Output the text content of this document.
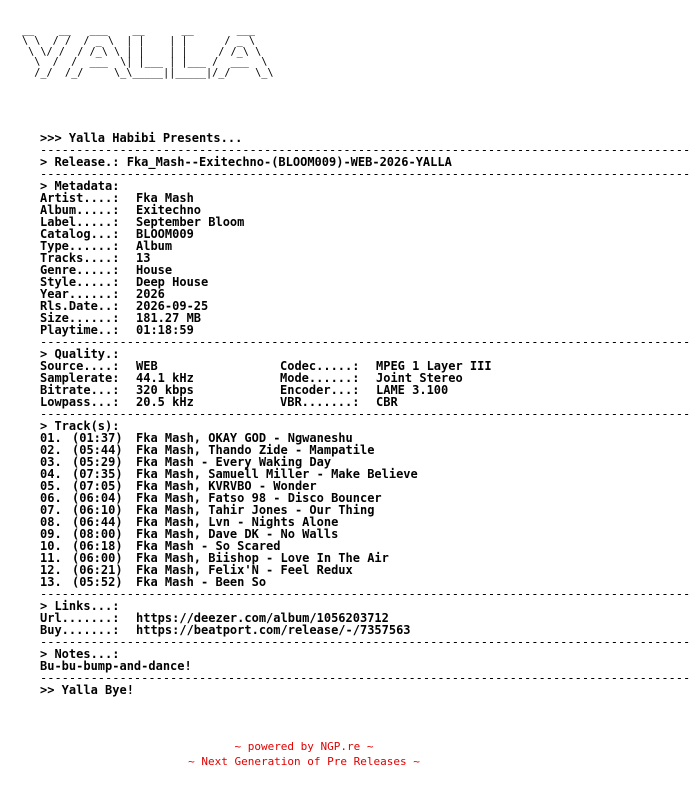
__    __   ___    __      __       ___
\ \  / /  / _ \  | |    | |      / _ \
\ \/ /  / /_\ \ | |    | |     / /_\ \
\  /  /  ___  \| |___ | |___ /  ___  \
/_/  /_/     \_\_____||_____|/_/    \_\
>>> Yalla Habibi Presents...
------------------------------------------------------------------------------------------
> Release.: Fka_Mash--Exitechno-(BLOOM009)-WEB-2026-YALLA
------------------------------------------------------------------------------------------
> Metadata:
Artist....:	Fka Mash
Album.....:	Exitechno
Label.....:	September Bloom
Catalog...:	BLOOM009
Type......:	Album
Tracks....:	13
Genre.....:	House
Style.....:	Deep House
Year......:	2026
Rls.Date..:	2026-09-25
Size......:	181.27 MB
Playtime..:	01:18:59
------------------------------------------------------------------------------------------
> Quality.:
Source....:	WEB	Codec.....:	MPEG 1 Layer III
Samplerate:	44.1 kHz	Mode......:	Joint Stereo
Bitrate...:	320 kbps	Encoder...:	LAME 3.100
Lowpass...:	20.5 kHz	VBR.......:	CBR
------------------------------------------------------------------------------------------
> Track(s):
01. (01:37)	Fka Mash, OKAY GOD - Ngwaneshu
02. (05:44)	Fka Mash, Thando Zide - Mampatile
03. (05:29)	Fka Mash - Every Waking Day
04. (07:35)	Fka Mash, Samuell Miller - Make Believe
05. (07:05)	Fka Mash, KVRVBO - Wonder
06. (06:04)	Fka Mash, Fatso 98 - Disco Bouncer
07. (06:10)	Fka Mash, Tahir Jones - Our Thing
08. (06:44)	Fka Mash, Lvn - Nights Alone
09. (08:00)	Fka Mash, Dave DK - No Walls
10. (06:18)	Fka Mash - So Scared
11. (06:00)	Fka Mash, Biishop - Love In The Air
12. (06:21)	Fka Mash, Felix'N - Feel Redux
13. (05:52)	Fka Mash - Been So
------------------------------------------------------------------------------------------
> Links...:
Url.......:	https://deezer.com/album/1056203712
Buy.......:	https://beatport.com/release/-/7357563
------------------------------------------------------------------------------------------
> Notes...:
Bu-bu-bump-and-dance!
------------------------------------------------------------------------------------------
>> Yalla Bye!
~ powered by NGP.re ~
~ Next Generation of Pre Releases ~
